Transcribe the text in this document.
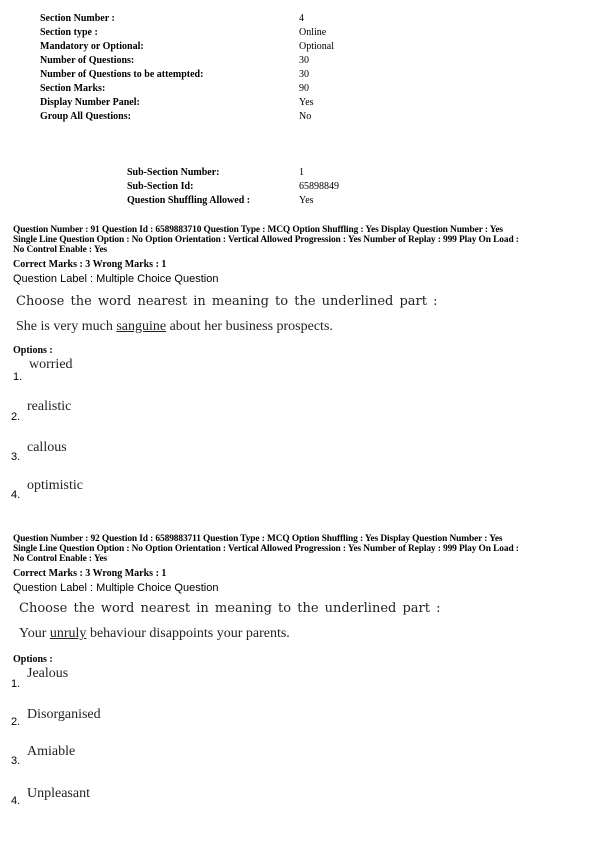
Section Number :	4
Section type :	Online
Mandatory or Optional:	Optional
Number of Questions:	30
Number of Questions to be attempted:	30
Section Marks:	90
Display Number Panel:	Yes
Group All Questions:	No
Sub-Section Number:	1
Sub-Section Id:	65898849
Question Shuffling Allowed :	Yes
Question Number : 91 Question Id : 6589883710 Question Type : MCQ Option Shuffling : Yes Display Question Number : Yes
Single Line Question Option : No Option Orientation : Vertical Allowed Progression : Yes Number of Replay : 999 Play On Load :
No Control Enable : Yes
Correct Marks : 3 Wrong Marks : 1
Question Label : Multiple Choice Question
Choose the word nearest in meaning to the underlined part :
She is very much sanguine about her business prospects.
Options :
worried
1.
realistic
2.
callous
3.
optimistic
4.
Question Number : 92 Question Id : 6589883711 Question Type : MCQ Option Shuffling : Yes Display Question Number : Yes
Single Line Question Option : No Option Orientation : Vertical Allowed Progression : Yes Number of Replay : 999 Play On Load :
No Control Enable : Yes
Correct Marks : 3 Wrong Marks : 1
Question Label : Multiple Choice Question
Choose the word nearest in meaning to the underlined part :
Your unruly behaviour disappoints your parents.
Options :
Jealous
1.
Disorganised
2.
Amiable
3.
Unpleasant
4.
